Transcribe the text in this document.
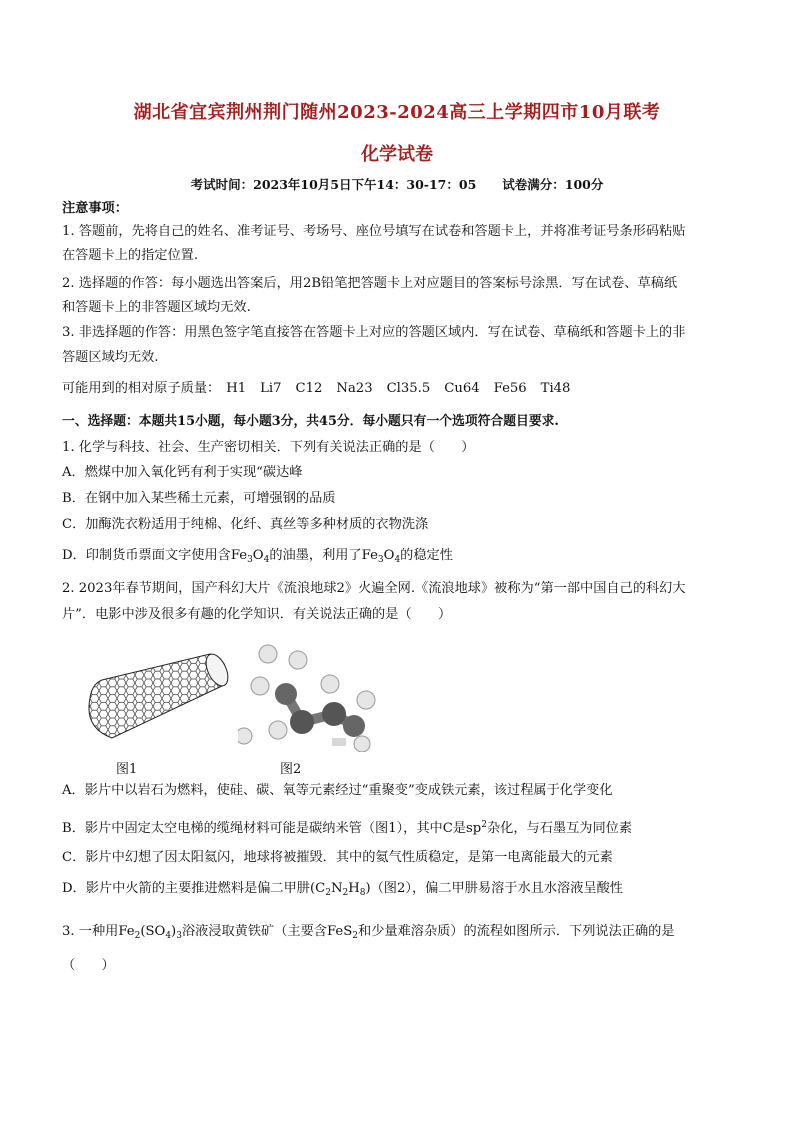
湖北省宜宾荆州荆门随州2023-2024高三上学期四市10月联考
化学试卷
考试时间：2023年10月5日下午14：30-17：05 试卷满分：100分
注意事项：
1. 答题前，先将自己的姓名、准考证号、考场号、座位号填写在试卷和答题卡上，并将准考证号条形码粘贴
在答题卡上的指定位置.
2. 选择题的作答：每小题选出答案后，用2B铅笔把答题卡上对应题目的答案标号涂黑．写在试卷、草稿纸
和答题卡上的非答题区域均无效.
3. 非选择题的作答：用黑色签字笔直接答在答题卡上对应的答题区域内．写在试卷、草稿纸和答题卡上的非
答题区域均无效.
可能用到的相对原子质量： H1 Li7 C12 Na23 Cl35.5 Cu64 Fe56 Ti48
一、选择题：本题共15小题，每小题3分，共45分．每小题只有一个选项符合题目要求.
1. 化学与科技、社会、生产密切相关．下列有关说法正确的是（　　）
A．燃煤中加入氧化钙有利于实现“碳达峰
B．在钢中加入某些稀土元素，可增强钢的品质
C．加酶洗衣粉适用于纯棉、化纤、真丝等多种材质的衣物洗涤
D．印制货币票面文字使用含$Fe_3O_4$的油墨，利用了$Fe_3O_4$的稳定性
2. 2023年春节期间，国产科幻大片《流浪地球2》火遍全网.《流浪地球》被称为“第一部中国自己的科幻大
片”．电影中涉及很多有趣的化学知识．有关说法正确的是（　　）
图1	图2
A．影片中以岩石为燃料，使硅、碳、氧等元素经过“重聚变”变成铁元素，该过程属于化学变化
B．影片中固定太空电梯的缆绳材料可能是碳纳米管（图1），其中C是$sp^2$杂化，与石墨互为同位素
C．影片中幻想了因太阳氦闪，地球将被摧毁．其中的氦气性质稳定，是第一电离能最大的元素
D．影片中火箭的主要推进燃料是偏二甲肼$(C_2N_2H_8)$（图2），偏二甲肼易溶于水且水溶液呈酸性
3. 一种用$Fe_2(SO_4)_3$浴液浸取黄铁矿（主要含FeS$_2$和少量难溶杂质）的流程如图所示．下列说法正确的是
（　　）
